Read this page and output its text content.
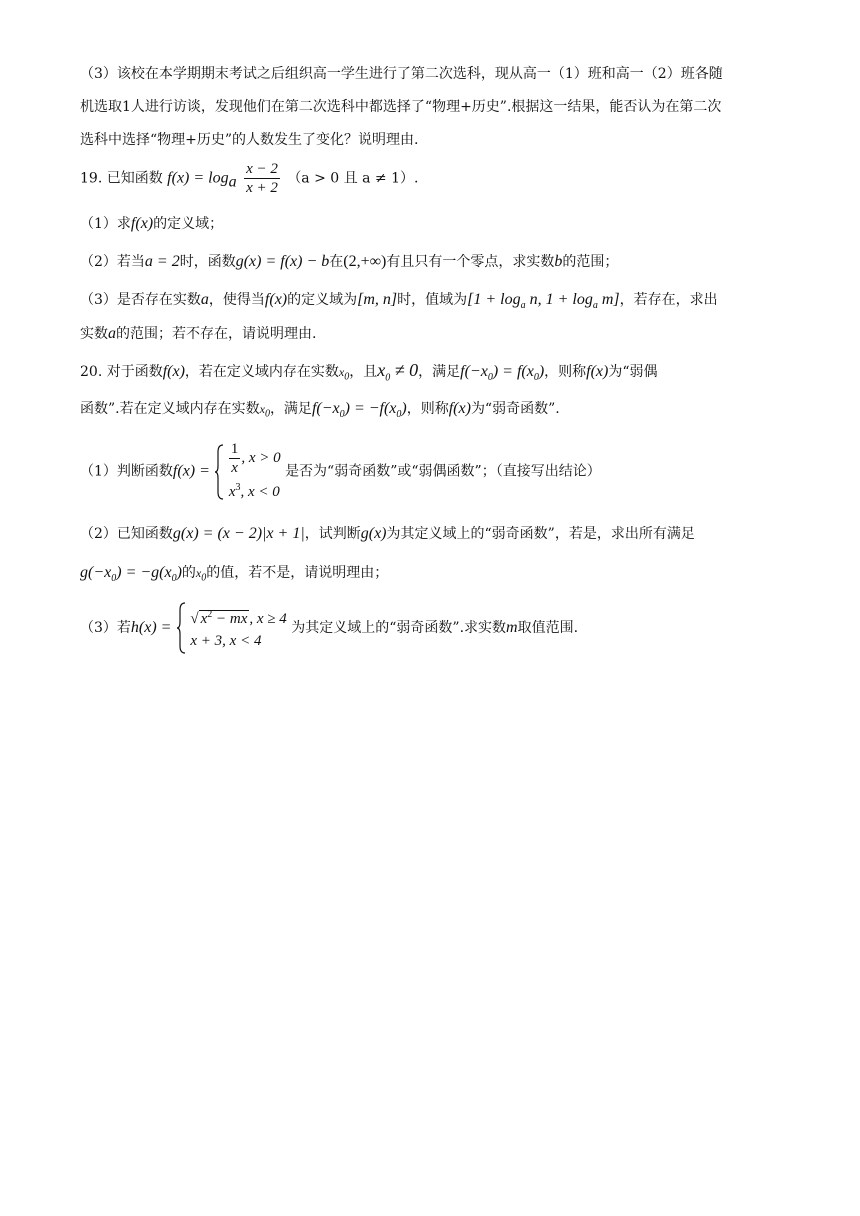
（3）该校在本学期期末考试之后组织高一学生进行了第二次选科，现从高一（1）班和高一（2）班各随
机选取1人进行访谈，发现他们在第二次选科中都选择了“物理+历史”.根据这一结果，能否认为在第二次
选科中选择“物理+历史”的人数发生了变化？说明理由.
19. 已知函数 $f(x) = \log_a \frac{x - 2}{x + 2} (a > 0$ 且 a ≠ 1）.
（1）求f(x)的定义域；
（2）若当a = 2时，函数g(x) = f(x) − b在(2,+∞)有且只有一个零点，求实数b的范围；
（3）是否存在实数a，使得当f(x)的定义域为[m, n]时，值域为[$1 + \log_a n$, $1 + \log_a m$]，若存在，求出
实数a的范围；若不存在，请说明理由.
20. 对于函数f(x)，若在定义域内存在实数$x_0$，且$x_0 \ne 0$，满足$f(-x_0) = f(x_0)$，则称f(x)为“弱偶
函数”.若在定义域内存在实数$x_0$，满足$f(-x_0) = -f(x_0)$，则称f(x)为“弱奇函数”.
（1）判断函数$f(x) = \frac{1}{x}$ , x > 0
$x^3$, x < 0
是否为“弱奇函数”或“弱偶函数”；（直接写出结论）
（2）已知函数g(x) = (x − 2)|x + 1|，试判断g(x)为其定义域上的“弱奇函数”，若是，求出所有满足
$g(-x_0) = -g(x_0)$的$x_0$的值，若不是，请说明理由；
（3）若h(x) = √ $x^2$ − mx , x ≥ 4
x + 3, x < 4
为其定义域上的“弱奇函数”.求实数m取值范围.
